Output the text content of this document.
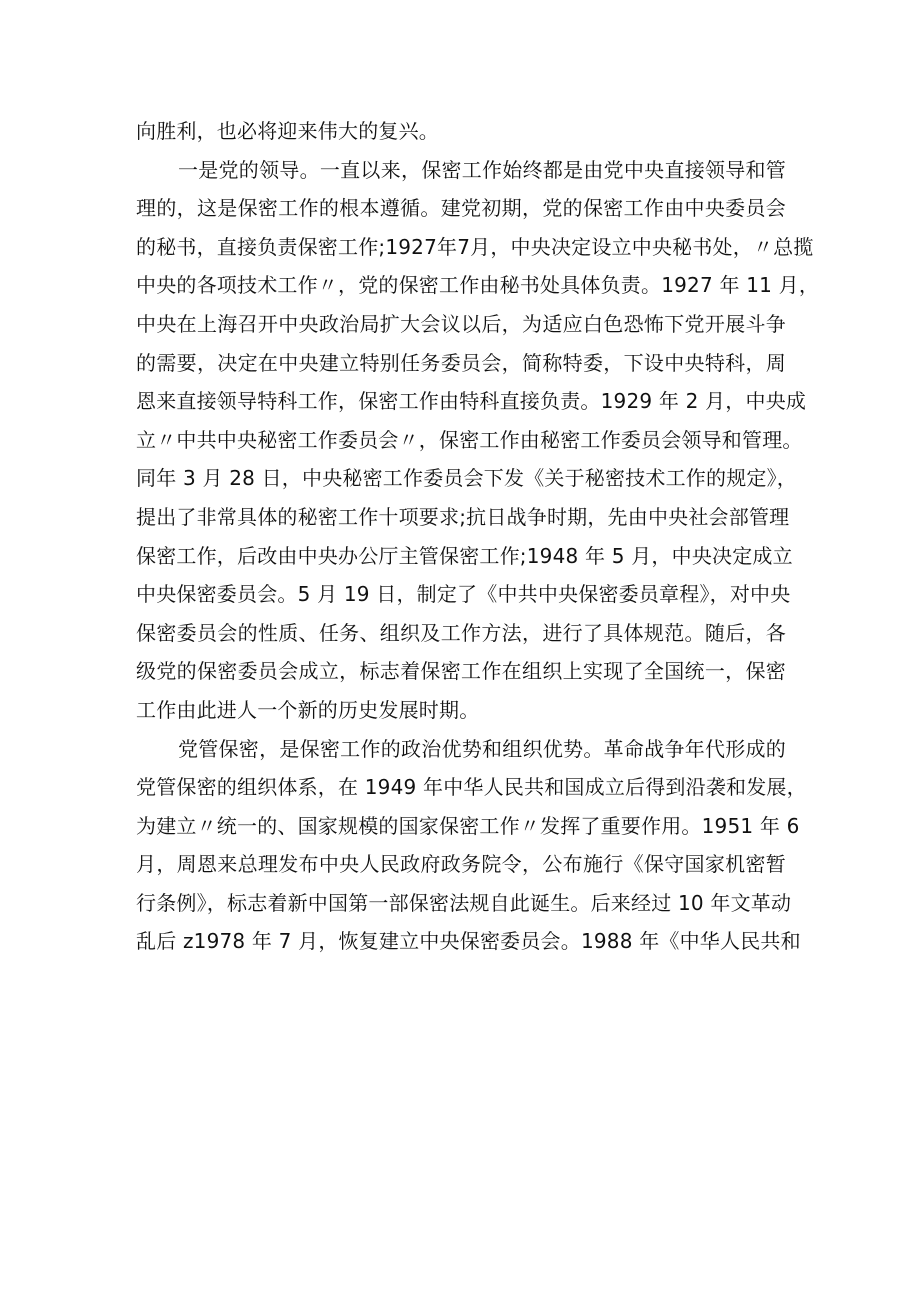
向胜利，也必将迎来伟大的复兴。
一是党的领导。一直以来，保密工作始终都是由党中央直接领导和管
理的，这是保密工作的根本遵循。建党初期，党的保密工作由中央委员会
的秘书，直接负责保密工作;1927年7月，中央决定设立中央秘书处，〃总揽
中央的各项技术工作〃，党的保密工作由秘书处具体负责。1927 年 11 月，
中央在上海召开中央政治局扩大会议以后，为适应白色恐怖下党开展斗争
的需要，决定在中央建立特别任务委员会，简称特委，下设中央特科，周
恩来直接领导特科工作，保密工作由特科直接负责。1929 年 2 月，中央成
立〃中共中央秘密工作委员会〃，保密工作由秘密工作委员会领导和管理。
同年 3 月 28 日，中央秘密工作委员会下发《关于秘密技术工作的规定》，
提出了非常具体的秘密工作十项要求;抗日战争时期，先由中央社会部管理
保密工作，后改由中央办公厅主管保密工作;1948 年 5 月，中央决定成立
中央保密委员会。5 月 19 日，制定了《中共中央保密委员章程》，对中央
保密委员会的性质、任务、组织及工作方法，进行了具体规范。随后，各
级党的保密委员会成立，标志着保密工作在组织上实现了全国统一，保密
工作由此进人一个新的历史发展时期。
党管保密，是保密工作的政治优势和组织优势。革命战争年代形成的
党管保密的组织体系，在 1949 年中华人民共和国成立后得到沿袭和发展，
为建立〃统一的、国家规模的国家保密工作〃发挥了重要作用。1951 年 6
月，周恩来总理发布中央人民政府政务院令，公布施行《保守国家机密暂
行条例》，标志着新中国第一部保密法规自此诞生。后来经过 10 年文革动
乱后 z1978 年 7 月，恢复建立中央保密委员会。1988 年《中华人民共和
